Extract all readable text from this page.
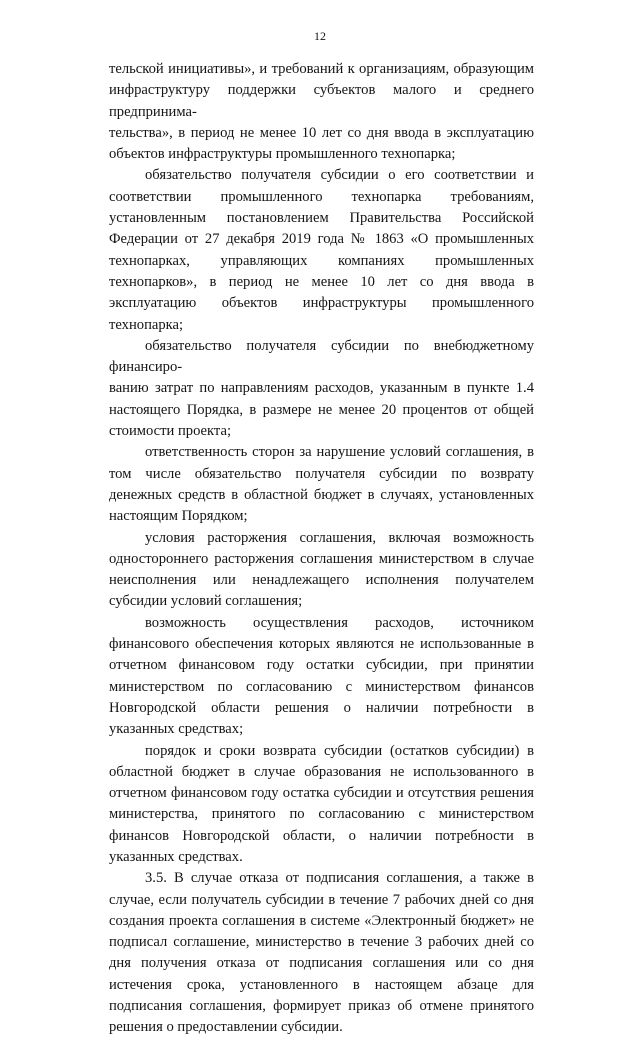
12

тельской инициативы», и требований к организациям, образующим инфраструктуру поддержки субъектов малого и среднего предпринима-
тельства», в период не менее 10 лет со дня ввода в эксплуатацию объектов инфраструктуры промышленного технопарка;

обязательство получателя субсидии о его соответствии и соответствии промышленного технопарка требованиям, установленным постановлением Правительства Российской Федерации от 27 декабря 2019 года № 1863 «О промышленных технопарках, управляющих компаниях промышленных технопарков», в период не менее 10 лет со дня ввода в эксплуатацию объектов инфраструктуры промышленного технопарка;

обязательство получателя субсидии по внебюджетному финансиро-
ванию затрат по направлениям расходов, указанным в пункте 1.4 настоящего Порядка, в размере не менее 20 процентов от общей стоимости проекта;

ответственность сторон за нарушение условий соглашения, в том числе обязательство получателя субсидии по возврату денежных средств в областной бюджет в случаях, установленных настоящим Порядком;

условия расторжения соглашения, включая возможность одностороннего расторжения соглашения министерством в случае неисполнения или ненадлежащего исполнения получателем субсидии условий соглашения;

возможность осуществления расходов, источником финансового обеспечения которых являются не использованные в отчетном финансовом году остатки субсидии, при принятии министерством по согласованию с министерством финансов Новгородской области решения о наличии потребности в указанных средствах;

порядок и сроки возврата субсидии (остатков субсидии) в областной бюджет в случае образования не использованного в отчетном финансовом году остатка субсидии и отсутствия решения министерства, принятого по согласованию с министерством финансов Новгородской области, о наличии потребности в указанных средствах.

3.5. В случае отказа от подписания соглашения, а также в случае, если получатель субсидии в течение 7 рабочих дней со дня создания проекта соглашения в системе «Электронный бюджет» не подписал соглашение, министерство в течение 3 рабочих дней со дня получения отказа от подписания соглашения или со дня истечения срока, установленного в настоящем абзаце для подписания соглашения, формирует приказ об отмене принятого решения о предоставлении субсидии.
